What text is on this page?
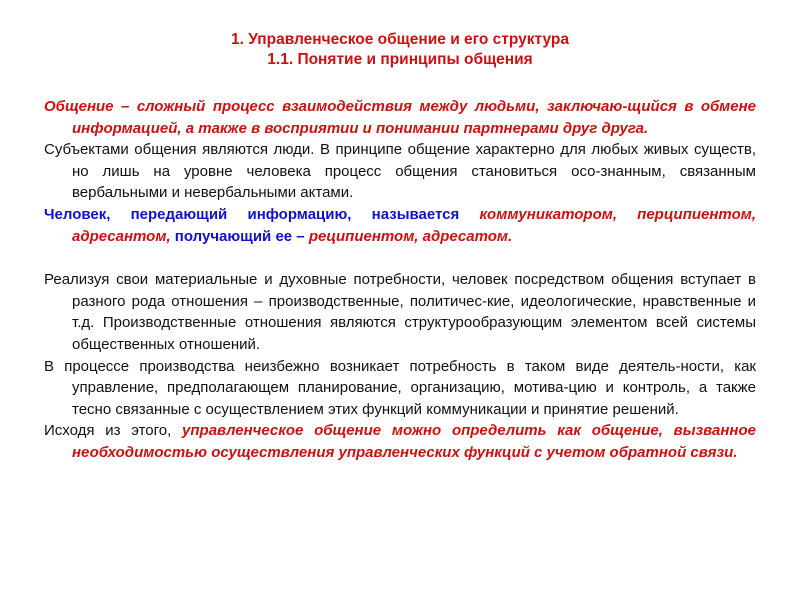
1. Управленческое общение и его структура
1.1. Понятие и принципы общения

Общение – сложный процесс взаимодействия между людьми, заключаю-щийся в обмене информацией, а также в восприятии и понимании партнерами друг друга.

Субъектами общения являются люди. В принципе общение характерно для любых живых существ, но лишь на уровне человека процесс общения становиться осо-знанным, связанным вербальными и невербальными актами.

Человек, передающий информацию, называется коммуникатором, перципиентом, адресантом, получающий ее – реципиентом, адресатом.

Реализуя свои материальные и духовные потребности, человек посредством общения вступает в разного рода отношения – производственные, политичес-кие, идеологические, нравственные и т.д. Производственные отношения являются структурообразующим элементом всей системы общественных отношений.

В процессе производства неизбежно возникает потребность в таком виде деятель-ности, как управление, предполагающем планирование, организацию, мотива-цию и контроль, а также тесно связанные с осуществлением этих функций коммуникации и принятие решений.

Исходя из этого, управленческое общение можно определить как общение, вызванное необходимостью осуществления управленческих функций с учетом обратной связи.
